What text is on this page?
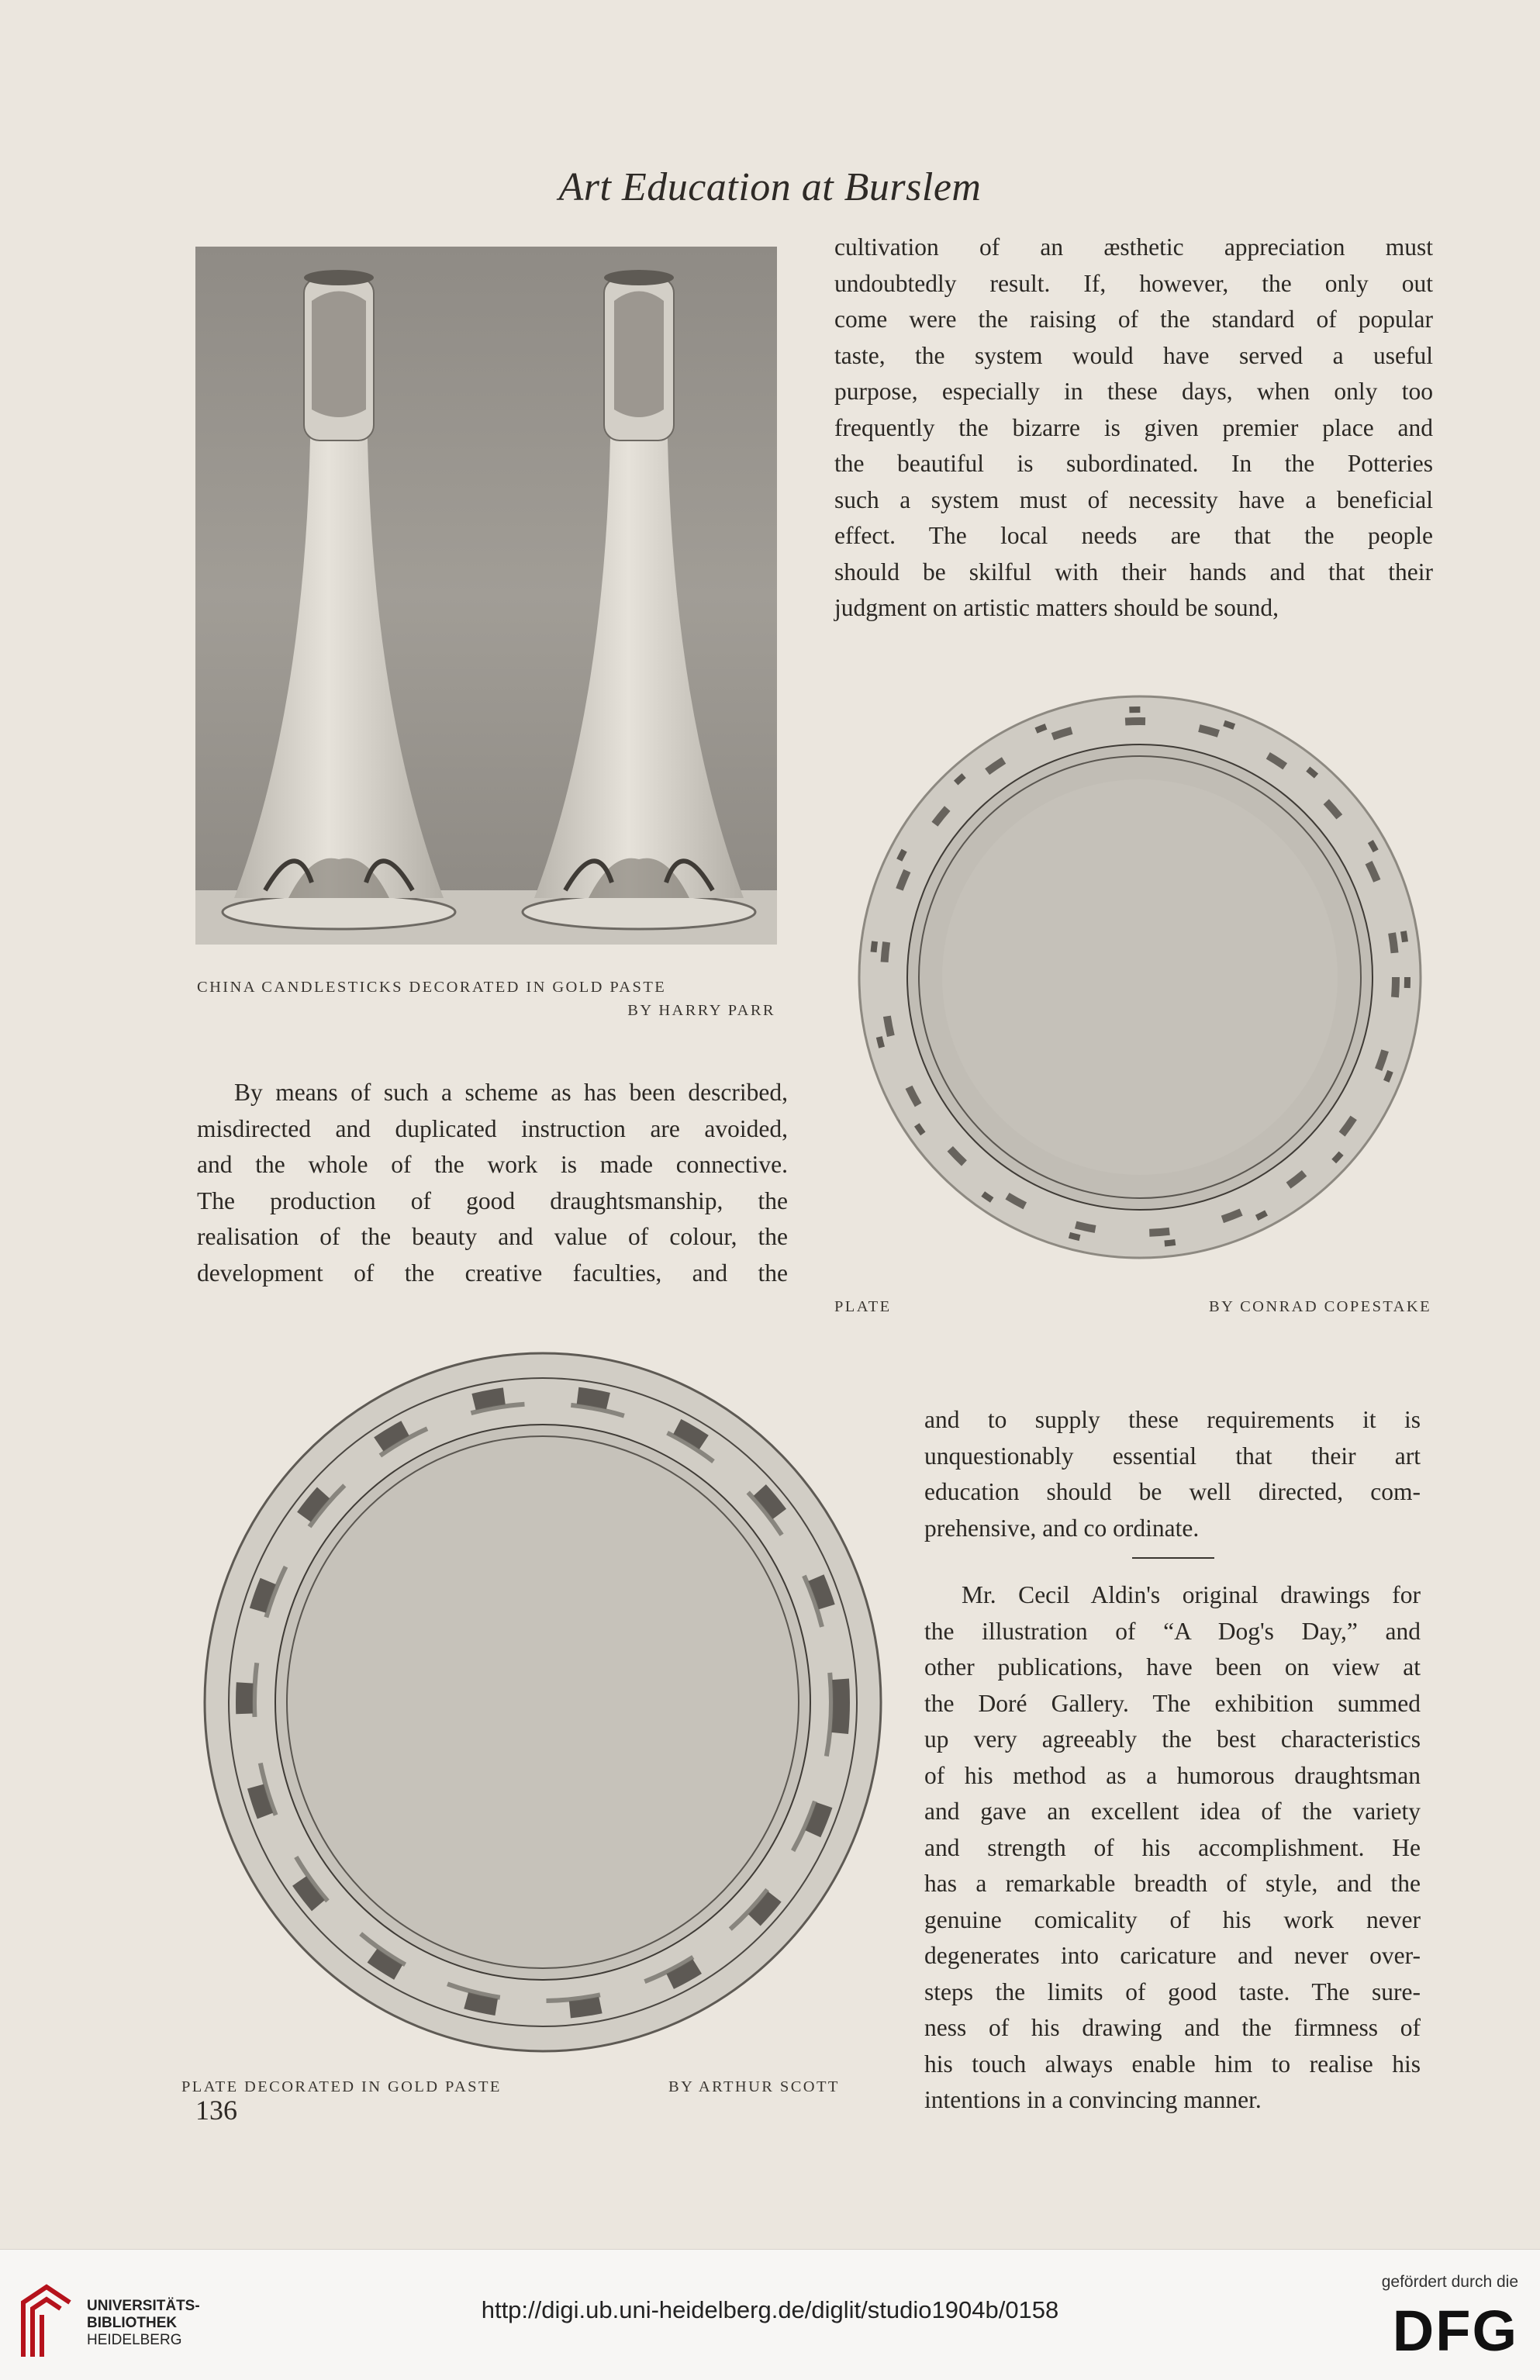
Art Education at Burslem
CHINA CANDLESTICKS DECORATED IN GOLD PASTE
BY HARRY PARR

cultivation of an æsthetic appreciation must

undoubtedly result. If, however, the only out

come were the raising of the standard of popular

taste, the system would have served a useful

purpose, especially in these days, when only too

frequently the bizarre is given premier place and

the beautiful is subordinated. In the Potteries

such a system must of necessity have a beneficial

effect. The local needs are that the people

should be skilful with their hands and that their

judgment on artistic matters should be sound,

PLATE	BY CONRAD COPESTAKE

By means of such a scheme as has been described,

misdirected and duplicated instruction are avoided,

and the whole of the work is made connective.

The production of good draughtsmanship, the

realisation of the beauty and value of colour, the

development of the creative faculties, and the

PLATE DECORATED IN GOLD PASTE	BY ARTHUR SCOTT

and to supply these requirements it is

unquestionably essential that their art

education should be well directed, com-

prehensive, and co ordinate.

Mr. Cecil Aldin's original drawings for

the illustration of “A Dog's Day,” and

other publications, have been on view at

the Doré Gallery. The exhibition summed

up very agreeably the best characteristics

of his method as a humorous draughtsman

and gave an excellent idea of the variety

and strength of his accomplishment. He

has a remarkable breadth of style, and the

genuine comicality of his work never

degenerates into caricature and never over-

steps the limits of good taste. The sure-

ness of his drawing and the firmness of

his touch always enable him to realise his

intentions in a convincing manner.

136
UNIVERSITÄTS-
BIBLIOTHEK
HEIDELBERG
http://digi.ub.uni-heidelberg.de/diglit/studio1904b/0158
gefördert durch die
DFG
